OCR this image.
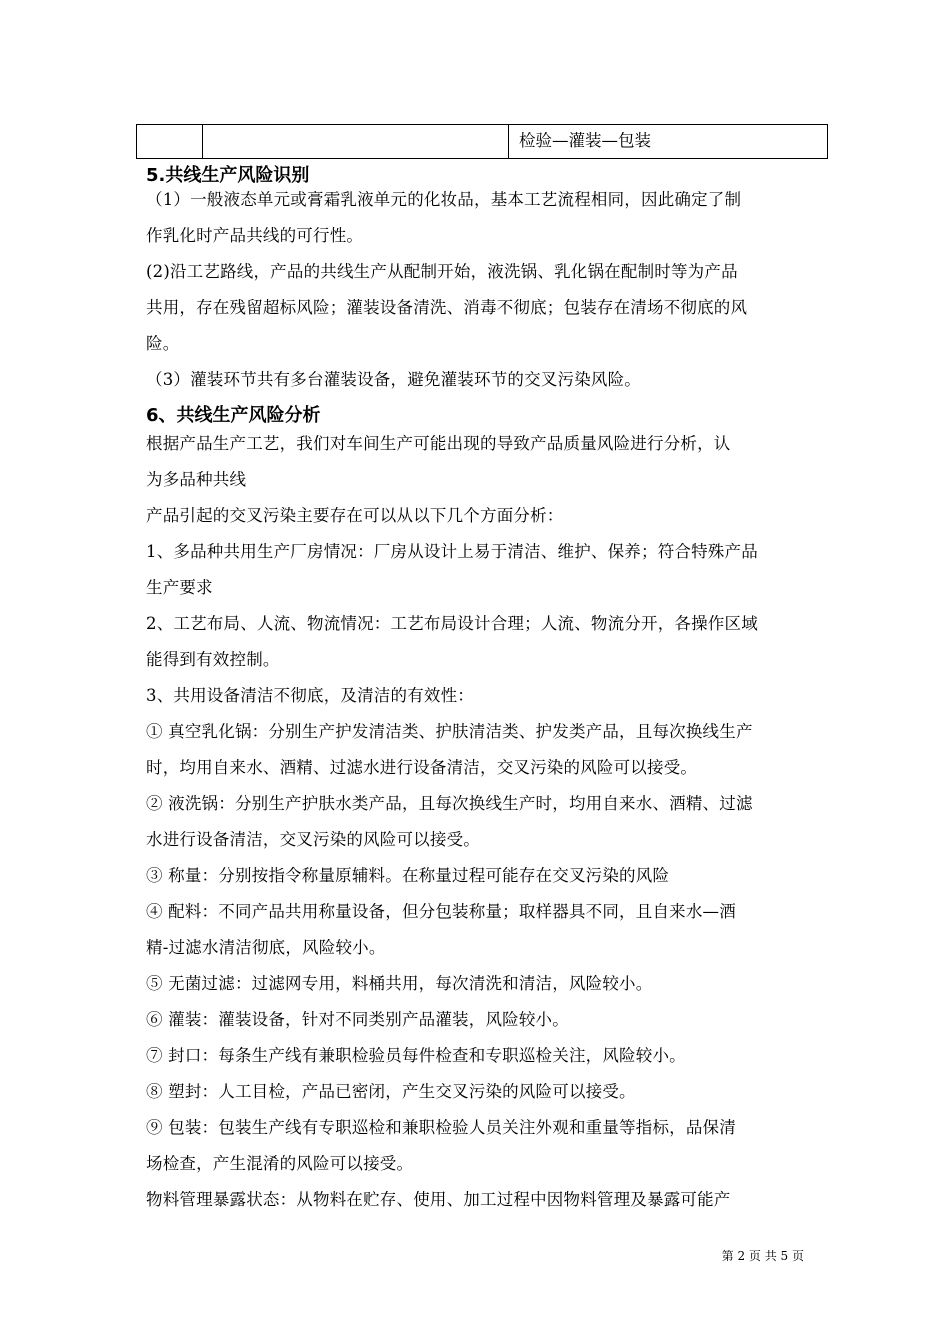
检验—灌装—包装
5.共线生产风险识别
（1）一般液态单元或膏霜乳液单元的化妆品，基本工艺流程相同，因此确定了制
作乳化时产品共线的可行性。
(2)沿工艺路线，产品的共线生产从配制开始，液洗锅、乳化锅在配制时等为产品
共用，存在残留超标风险；灌装设备清洗、消毒不彻底；包装存在清场不彻底的风
险。
（3）灌装环节共有多台灌装设备，避免灌装环节的交叉污染风险。
6、共线生产风险分析
根据产品生产工艺，我们对车间生产可能出现的导致产品质量风险进行分析，认
为多品种共线
产品引起的交叉污染主要存在可以从以下几个方面分析：
1、多品种共用生产厂房情况：厂房从设计上易于清洁、维护、保养；符合特殊产品
生产要求
2、工艺布局、人流、物流情况：工艺布局设计合理；人流、物流分开，各操作区域
能得到有效控制。
3、共用设备清洁不彻底，及清洁的有效性：
① 真空乳化锅：分别生产护发清洁类、护肤清洁类、护发类产品，且每次换线生产
时，均用自来水、酒精、过滤水进行设备清洁，交叉污染的风险可以接受。
② 液洗锅：分别生产护肤水类产品，且每次换线生产时，均用自来水、酒精、过滤
水进行设备清洁，交叉污染的风险可以接受。
③ 称量：分别按指令称量原辅料。在称量过程可能存在交叉污染的风险
④ 配料：不同产品共用称量设备，但分包装称量；取样器具不同，且自来水—酒
精-过滤水清洁彻底，风险较小。
⑤ 无菌过滤：过滤网专用，料桶共用，每次清洗和清洁，风险较小。
⑥ 灌装：灌装设备，针对不同类别产品灌装，风险较小。
⑦ 封口：每条生产线有兼职检验员每件检查和专职巡检关注，风险较小。
⑧ 塑封：人工目检，产品已密闭，产生交叉污染的风险可以接受。
⑨ 包装：包装生产线有专职巡检和兼职检验人员关注外观和重量等指标，品保清
场检查，产生混淆的风险可以接受。
物料管理暴露状态：从物料在贮存、使用、加工过程中因物料管理及暴露可能产
第 2 页 共 5 页
